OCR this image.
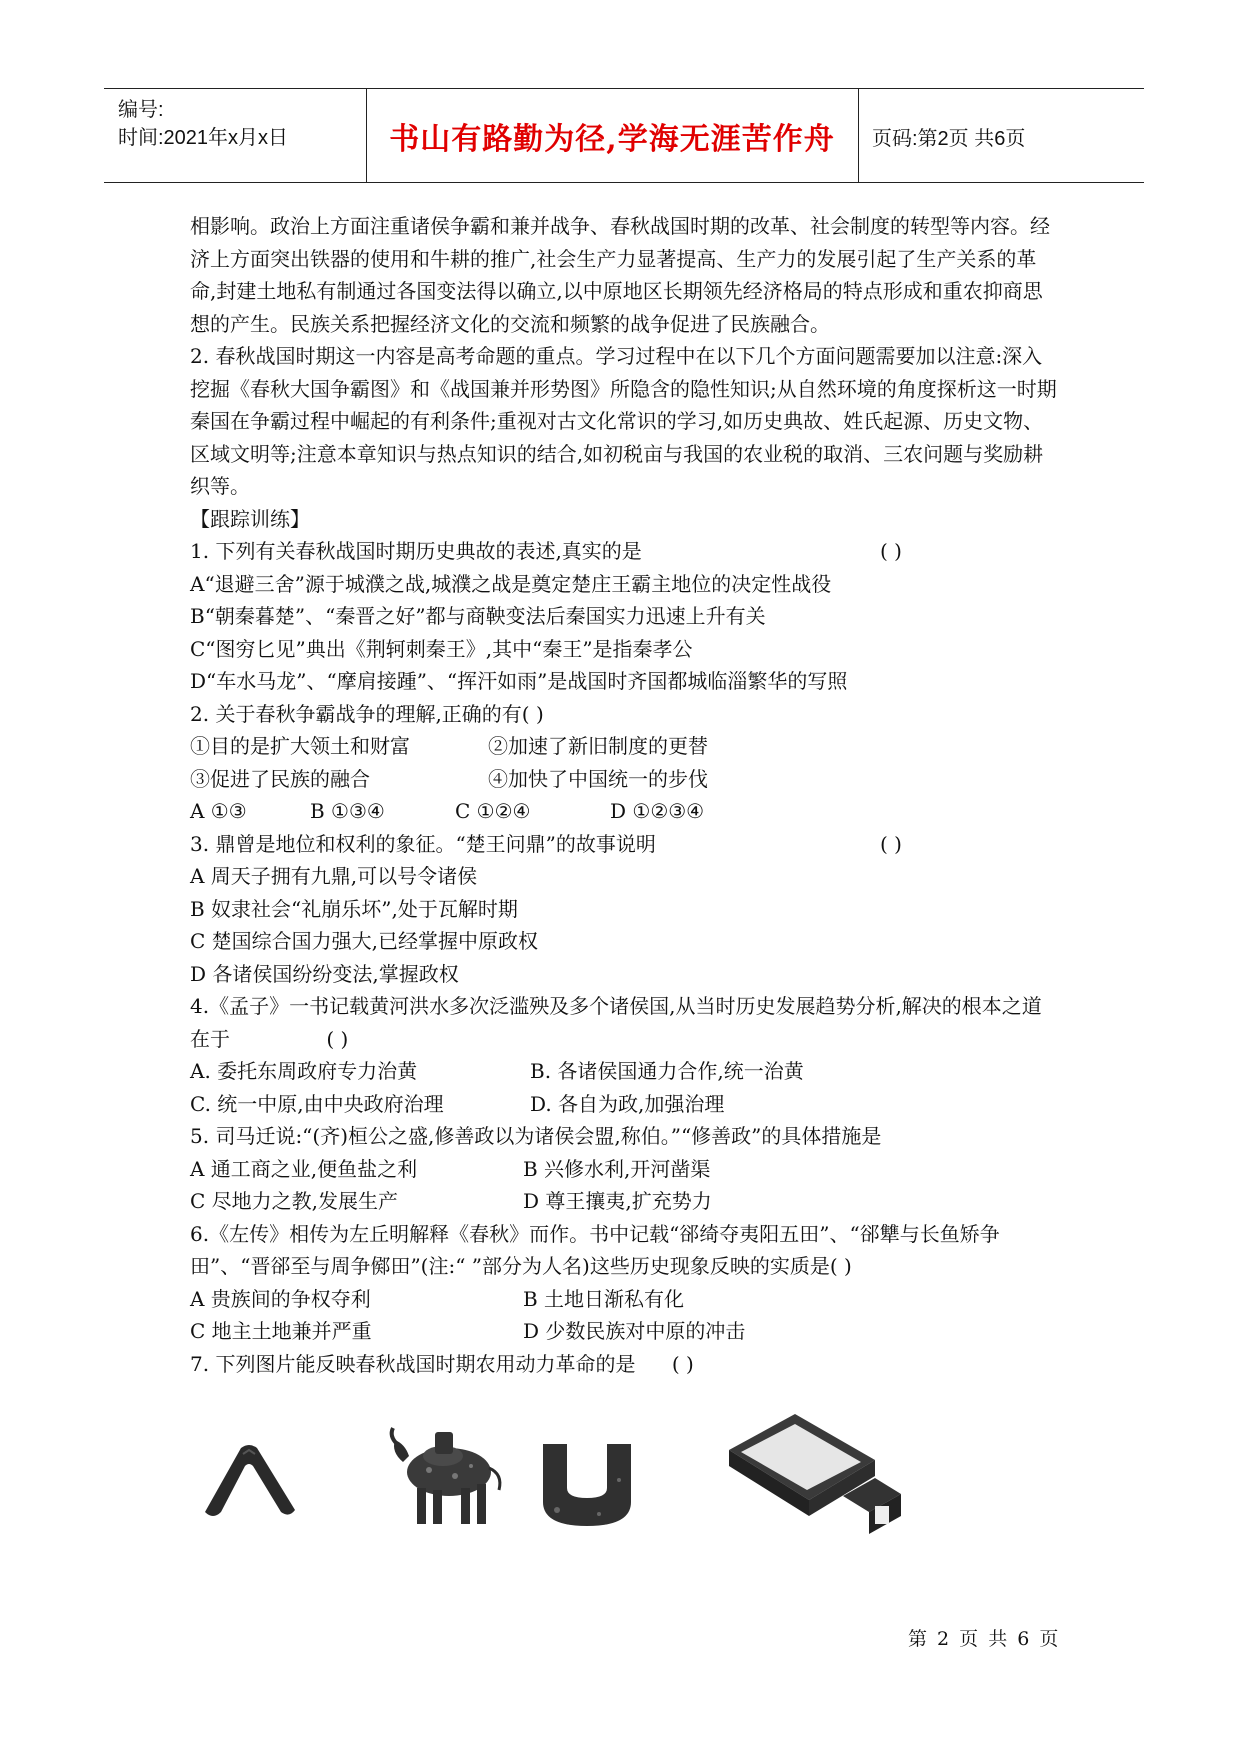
编号:
时间:2021年x月x日	书山有路勤为径,学海无涯苦作舟	页码:第2页 共6页

相影响。政治上方面注重诸侯争霸和兼并战争、春秋战国时期的改革、社会制度的转型等内容。经济上方面突出铁器的使用和牛耕的推广,社会生产力显著提高、生产力的发展引起了生产关系的革命,封建土地私有制通过各国变法得以确立,以中原地区长期领先经济格局的特点形成和重农抑商思想的产生。民族关系把握经济文化的交流和频繁的战争促进了民族融合。

2. 春秋战国时期这一内容是高考命题的重点。学习过程中在以下几个方面问题需要加以注意:深入挖掘《春秋大国争霸图》和《战国兼并形势图》所隐含的隐性知识;从自然环境的角度探析这一时期秦国在争霸过程中崛起的有利条件;重视对古文化常识的学习,如历史典故、姓氏起源、历史文物、区域文明等;注意本章知识与热点知识的结合,如初税亩与我国的农业税的取消、三农问题与奖励耕织等。

【跟踪训练】

1. 下列有关春秋战国时期历史典故的表述,真实的是	( )

A“退避三舍”源于城濮之战,城濮之战是奠定楚庄王霸主地位的决定性战役

B“朝秦暮楚”、“秦晋之好”都与商鞅变法后秦国实力迅速上升有关

C“图穷匕见”典出《荆轲刺秦王》,其中“秦王”是指秦孝公

D“车水马龙”、“摩肩接踵”、“挥汗如雨”是战国时齐国都城临淄繁华的写照

2. 关于春秋争霸战争的理解,正确的有( )

①目的是扩大领土和财富	②加速了新旧制度的更替

③促进了民族的融合	④加快了中国统一的步伐

A ①③	B ①③④	C ①②④	D ①②③④

3. 鼎曾是地位和权利的象征。“楚王问鼎”的故事说明	( )

A 周天子拥有九鼎,可以号令诸侯

B 奴隶社会“礼崩乐坏”,处于瓦解时期

C 楚国综合国力强大,已经掌握中原政权

D 各诸侯国纷纷变法,掌握政权

4.《孟子》一书记载黄河洪水多次泛滥殃及多个诸侯国,从当时历史发展趋势分析,解决的根本之道在于	( )

A. 委托东周政府专力治黄	B. 各诸侯国通力合作,统一治黄

C. 统一中原,由中央政府治理	D. 各自为政,加强治理

5. 司马迁说:“(齐)桓公之盛,修善政以为诸侯会盟,称伯。”“修善政”的具体措施是

A 通工商之业,便鱼盐之利	B 兴修水利,开河凿渠

C 尽地力之教,发展生产	D 尊王攘夷,扩充势力

6.《左传》相传为左丘明解释《春秋》而作。书中记载“郤绮夺夷阳五田”、“郤犨与长鱼矫争田”、“晋郤至与周争鄇田”(注:“ ”部分为人名)这些历史现象反映的实质是( )

A 贵族间的争权夺利	B 土地日渐私有化

C 地主土地兼并严重	D 少数民族对中原的冲击

7. 下列图片能反映春秋战国时期农用动力革命的是 ( )

第 2 页 共 6 页
